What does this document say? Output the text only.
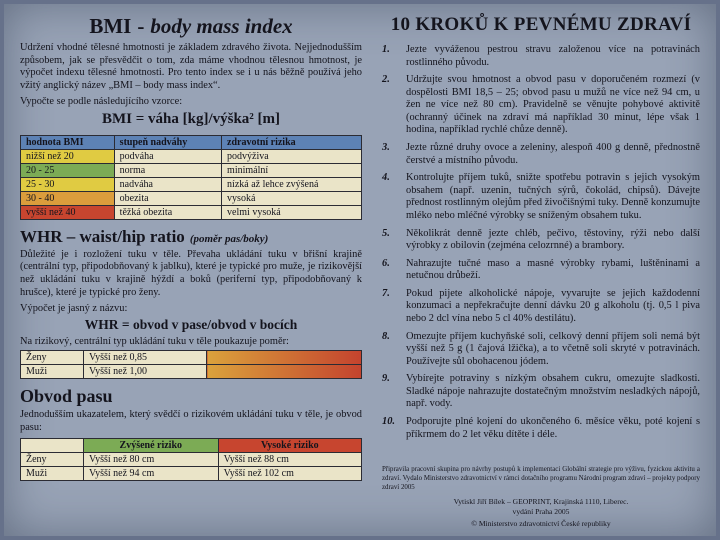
BMI - body mass index

Udržení vhodné tělesné hmotnosti je základem zdravého života. Nejjednodušším způsobem, jak se přesvědčit o tom, zda máme vhodnou tělesnou hmotnost, je výpočet indexu tělesné hmotnosti. Pro tento index se i u nás běžně používá jeho vžitý anglický název „BMI – body mass index“.

Vypočte se podle následujícího vzorce:

BMI = váha [kg]/výška² [m]

hodnota BMI	stupeň nadváhy	zdravotní rizika
nižší než 20	podváha	podvýživa
20 - 25	norma	minimální
25 - 30	nadváha	nízká až lehce zvýšená
30 - 40	obezita	vysoká
vyšší než 40	těžká obezita	velmi vysoká
WHR – waist/hip ratio (poměr pas/boky)

Důležité je i rozložení tuku v těle. Převaha ukládání tuku v břišní krajině (centrální typ, připodobňovaný k jablku), které je typické pro muže, je rizikovější než ukládání tuku v krajině hýždí a boků (periferní typ, připodobňovaný k hrušce), které je typické pro ženy.

Výpočet je jasný z názvu:

WHR = obvod v pase/obvod v bocích

Na rizikový, centrální typ ukládání tuku v těle poukazuje poměr:

Ženy	Vyšší než 0,85	
Muži	Vyšší než 1,00	
Obvod pasu

Jednodušším ukazatelem, který svědčí o rizikovém ukládání tuku v těle, je obvod pasu:

	Zvýšené riziko	Vysoké riziko
Ženy	Vyšší než 80 cm	Vyšší než 88 cm
Muži	Vyšší než 94 cm	Vyšší než 102 cm
10 KROKŮ K PEVNÉMU ZDRAVÍ
1.	Jezte vyváženou pestrou stravu založenou více na potravinách rostlinného původu.
2.	Udržujte svou hmotnost a obvod pasu v doporučeném rozmezí (v dospělosti BMI 18,5 – 25; obvod pasu u mužů ne více než 94 cm, u žen ne více než 80 cm). Pravidelně se věnujte pohybové aktivitě (ochranný účinek na zdraví má například 30 minut, lépe však 1 hodina, například rychlé chůze denně).
3.	Jezte různé druhy ovoce a zeleniny, alespoň 400 g denně, přednostně čerstvé a místního původu.
4.	Kontrolujte příjem tuků, snižte spotřebu potravin s jejich vysokým obsahem (např. uzenin, tučných sýrů, čokolád, chipsů). Dávejte přednost rostlinným olejům před živočišnými tuky. Denně konzumujte mléko nebo mléčné výrobky se sníženým obsahem tuku.
5.	Několikrát denně jezte chléb, pečivo, těstoviny, rýži nebo další výrobky z obilovin (zejména celozrnné) a brambory.
6.	Nahrazujte tučné maso a masné výrobky rybami, luštěninami a netučnou drůbeží.
7.	Pokud pijete alkoholické nápoje, vyvarujte se jejich každodenní konzumaci a nepřekračujte denní dávku 20 g alkoholu (tj. 0,5 l piva nebo 2 dcl vína nebo 5 cl 40% destilátu).
8.	Omezujte příjem kuchyňské soli, celkový denní příjem soli nemá být vyšší než 5 g (1 čajová lžička), a to včetně soli skryté v potravinách. Používejte sůl obohacenou jódem.
9.	Vybírejte potraviny s nízkým obsahem cukru, omezujte sladkosti. Sladké nápoje nahrazujte dostatečným množstvím nesladkých nápojů, např. vody.
10.	Podporujte plné kojení do ukončeného 6. měsíce věku, poté kojení s příkrmem do 2 let věku dítěte i déle.

Připravila pracovní skupina pro návrhy postupů k implementaci Globální strategie pro výživu, fyzickou aktivitu a zdraví. Vydalo Ministerstvo zdravotnictví v rámci dotačního programu Národní program zdraví – projekty podpory zdraví 2005

Vytiskl Jiří Bílek – GEOPRINT, Krajinská 1110, Liberec.

vydání Praha 2005

© Ministerstvo zdravotnictví České republiky
